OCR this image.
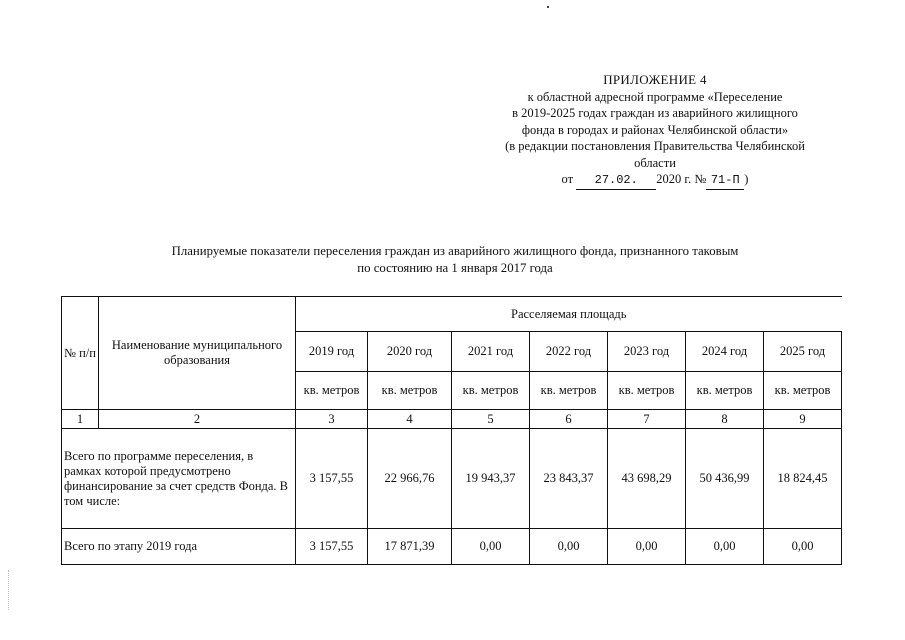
ПРИЛОЖЕНИЕ 4
к областной адресной программе «Переселение
в 2019-2025 годах граждан из аварийного жилищного
фонда в городах и районах Челябинской области»
(в редакции постановления Правительства Челябинской
области
от 27.02. 2020 г. № 71-П )
Планируемые показатели переселения граждан из аварийного жилищного фонда, признанного таковым
по состоянию на 1 января 2017 года
№ п/п	Наименование муниципального образования	Расселяемая площадь						
		2019 год	2020 год	2021 год	2022 год	2023 год	2024 год	2025 год
		кв. метров	кв. метров	кв. метров	кв. метров	кв. метров	кв. метров	кв. метров
1	2	3	4	5	6	7	8	9
Всего по программе переселения, в рамках которой предусмотрено финансирование за счет средств Фонда. В том числе:		3 157,55	22 966,76	19 943,37	23 843,37	43 698,29	50 436,99	18 824,45
Всего по этапу 2019 года		3 157,55	17 871,39	0,00	0,00	0,00	0,00	0,00
